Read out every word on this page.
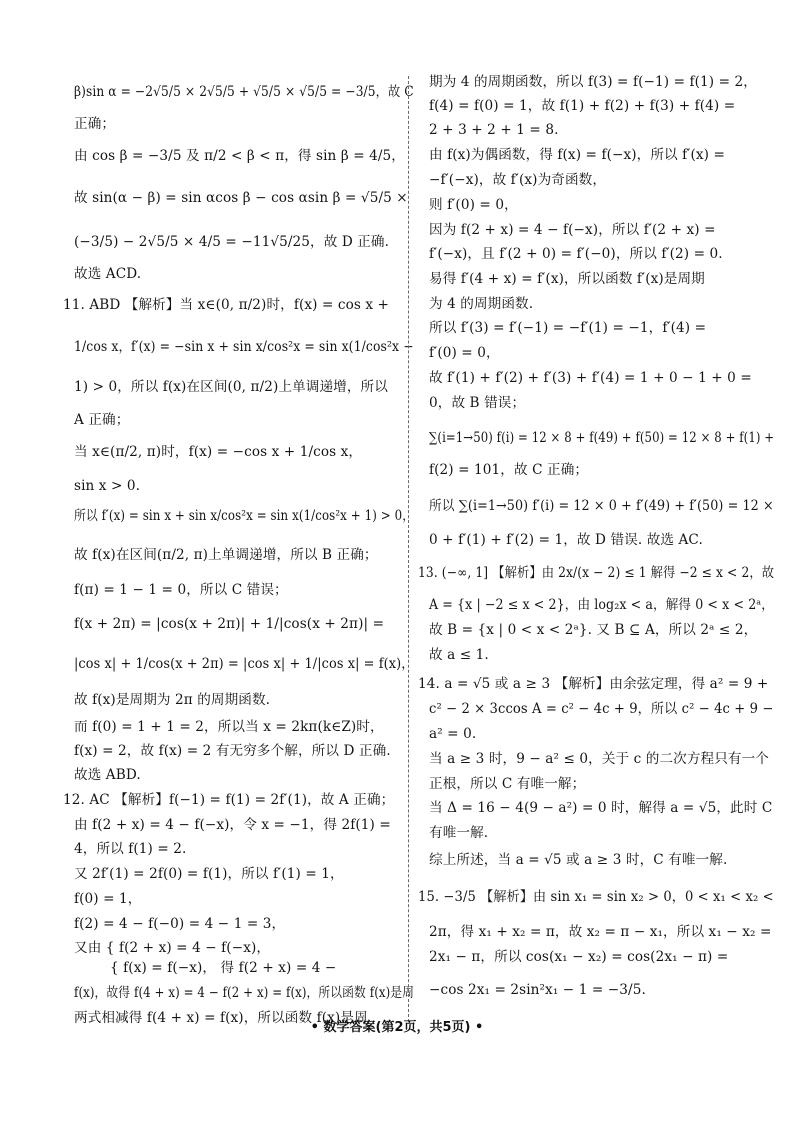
β)sin α = −2√5/5 × 2√5/5 + √5/5 × √5/5 = −3/5，故 C
正确；
由 cos β = −3/5 及 π/2 < β < π，得 sin β = 4/5，
故 sin(α − β) = sin αcos β − cos αsin β = √5/5 ×
(−3/5) − 2√5/5 × 4/5 = −11√5/25，故 D 正确.
故选 ACD.
11. ABD 【解析】当 x∈(0, π/2)时，f(x) = cos x +
1/cos x，f′(x) = −sin x + sin x/cos²x = sin x(1/cos²x −
1) > 0，所以 f(x)在区间(0, π/2)上单调递增，所以
A 正确；
当 x∈(π/2, π)时，f(x) = −cos x + 1/cos x，
sin x > 0.
所以 f′(x) = sin x + sin x/cos²x = sin x(1/cos²x + 1) > 0，
故 f(x)在区间(π/2, π)上单调递增，所以 B 正确；
f(π) = 1 − 1 = 0，所以 C 错误；
f(x + 2π) = |cos(x + 2π)| + 1/|cos(x + 2π)| =
|cos x| + 1/cos(x + 2π) = |cos x| + 1/|cos x| = f(x)，
故 f(x)是周期为 2π 的周期函数.
而 f(0) = 1 + 1 = 2，所以当 x = 2kπ(k∈Z)时，
f(x) = 2，故 f(x) = 2 有无穷多个解，所以 D 正确.
故选 ABD.
12. AC 【解析】f(−1) = f(1) = 2f′(1)，故 A 正确；
由 f(2 + x) = 4 − f(−x)，令 x = −1，得 2f(1) =
4，所以 f(1) = 2.
又 2f′(1) = 2f(0) = f(1)，所以 f′(1) = 1，
f(0) = 1，
f(2) = 4 − f(−0) = 4 − 1 = 3，
又由 { f(2 + x) = 4 − f(−x)，
{ f(x) = f(−x)， 得 f(2 + x) = 4 −
f(x)，故得 f(4 + x) = 4 − f(2 + x) = f(x)，所以函数 f(x)是周
两式相减得 f(4 + x) = f(x)，所以函数 f(x)是周
期为 4 的周期函数，所以 f(3) = f(−1) = f(1) = 2，
f(4) = f(0) = 1，故 f(1) + f(2) + f(3) + f(4) =
2 + 3 + 2 + 1 = 8.
由 f(x)为偶函数，得 f(x) = f(−x)，所以 f′(x) =
−f′(−x)，故 f′(x)为奇函数，
则 f′(0) = 0，
因为 f(2 + x) = 4 − f(−x)，所以 f′(2 + x) =
f′(−x)，且 f′(2 + 0) = f′(−0)，所以 f′(2) = 0.
易得 f′(4 + x) = f′(x)，所以函数 f′(x)是周期
为 4 的周期函数.
所以 f′(3) = f′(−1) = −f′(1) = −1，f′(4) =
f′(0) = 0，
故 f′(1) + f′(2) + f′(3) + f′(4) = 1 + 0 − 1 + 0 =
0，故 B 错误；
∑(i=1→50) f(i) = 12 × 8 + f(49) + f(50) = 12 × 8 + f(1) +
f(2) = 101，故 C 正确；
所以 ∑(i=1→50) f′(i) = 12 × 0 + f′(49) + f′(50) = 12 ×
0 + f′(1) + f′(2) = 1，故 D 错误. 故选 AC.
13. (−∞, 1] 【解析】由 2x/(x − 2) ≤ 1 解得 −2 ≤ x < 2，故
A = {x | −2 ≤ x < 2}，由 log₂x < a，解得 0 < x < 2ᵃ，
故 B = {x | 0 < x < 2ᵃ}. 又 B ⊆ A，所以 2ᵃ ≤ 2，
故 a ≤ 1.
14. a = √5 或 a ≥ 3 【解析】由余弦定理，得 a² = 9 +
c² − 2 × 3ccos A = c² − 4c + 9，所以 c² − 4c + 9 −
a² = 0.
当 a ≥ 3 时，9 − a² ≤ 0，关于 c 的二次方程只有一个
正根，所以 C 有唯一解；
当 Δ = 16 − 4(9 − a²) = 0 时，解得 a = √5，此时 C
有唯一解.
综上所述，当 a = √5 或 a ≥ 3 时，C 有唯一解.
15. −3/5 【解析】由 sin x₁ = sin x₂ > 0，0 < x₁ < x₂ <
2π，得 x₁ + x₂ = π，故 x₂ = π − x₁，所以 x₁ − x₂ =
2x₁ − π，所以 cos(x₁ − x₂) = cos(2x₁ − π) =
−cos 2x₁ = 2sin²x₁ − 1 = −3/5.
• 数学答案(第2页，共5页) •
